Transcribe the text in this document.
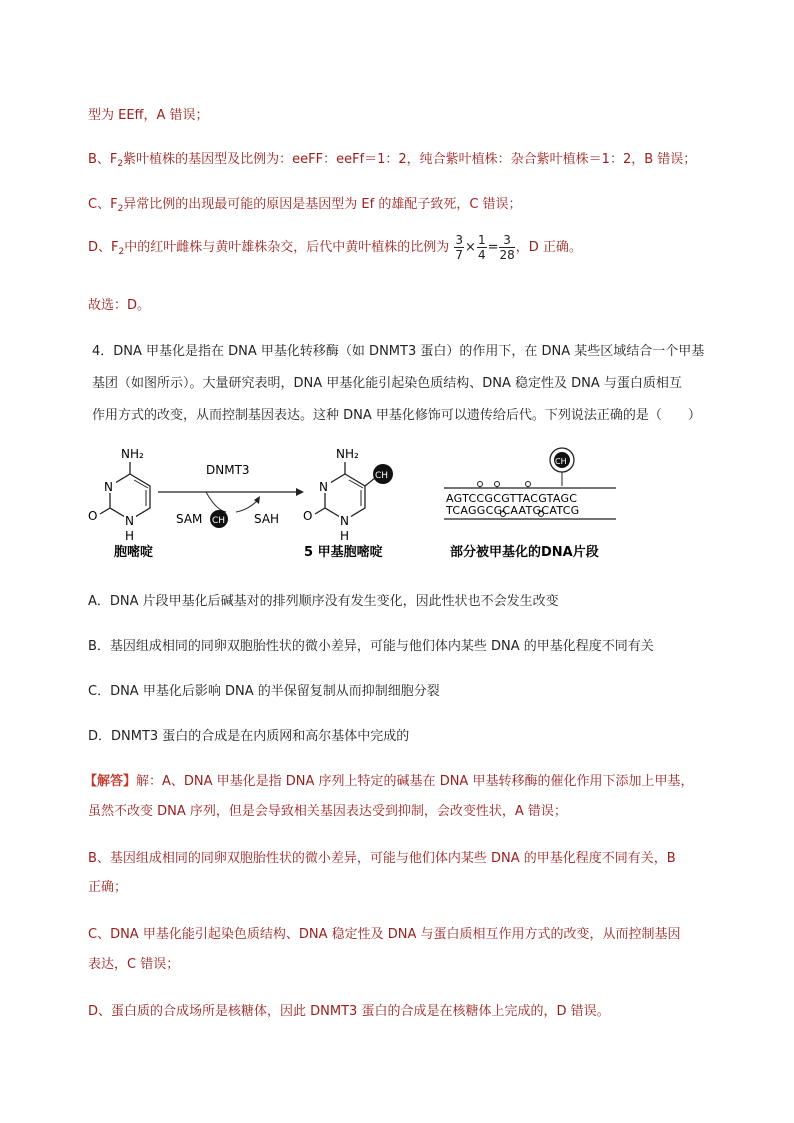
型为 EEff，A 错误；
B、$F_2$紫叶植株的基因型及比例为：eeFF：eeFf＝1：2，纯合紫叶植株：杂合紫叶植株＝1：2，B 错误；
C、$F_2$异常比例的出现最可能的原因是基因型为 Ef 的雄配子致死，C 错误；
D、$F_2$中的红叶雌株与黄叶雄株杂交，后代中黄叶植株的比例为 $\frac{3}{7} \times \frac{1}{4} = \frac{3}{28}$ ，D 正确。
故选：D。
4．DNA 甲基化是指在 DNA 甲基化转移酶（如 DNMT3 蛋白）的作用下，在 DNA 某些区域结合一个甲基
基团（如图所示）。大量研究表明，DNA 甲基化能引起染色质结构、DNA 稳定性及 DNA 与蛋白质相互
作用方式的改变，从而控制基因表达。这种 DNA 甲基化修饰可以遗传给后代。下列说法正确的是（　　）
NH₂
N
N
O
H
胞嘧啶
DNMT3
SAM CH SAH
NH₂
CH
N
N
O
H
5 甲基胞嘧啶
CH
AGTCCGCGTTACGTAGC
TCAGGCGCAATGCATCG
部分被甲基化的DNA片段
A．DNA 片段甲基化后碱基对的排列顺序没有发生变化，因此性状也不会发生改变
B．基因组成相同的同卵双胞胎性状的微小差异，可能与他们体内某些 DNA 的甲基化程度不同有关
C．DNA 甲基化后影响 DNA 的半保留复制从而抑制细胞分裂
D．DNMT3 蛋白的合成是在内质网和高尔基体中完成的
【解答】解：A、DNA 甲基化是指 DNA 序列上特定的碱基在 DNA 甲基转移酶的催化作用下添加上甲基，
虽然不改变 DNA 序列，但是会导致相关基因表达受到抑制，会改变性状，A 错误；
B、基因组成相同的同卵双胞胎性状的微小差异，可能与他们体内某些 DNA 的甲基化程度不同有关，B
正确；
C、DNA 甲基化能引起染色质结构、DNA 稳定性及 DNA 与蛋白质相互作用方式的改变，从而控制基因
表达，C 错误；
D、蛋白质的合成场所是核糖体，因此 DNMT3 蛋白的合成是在核糖体上完成的，D 错误。
